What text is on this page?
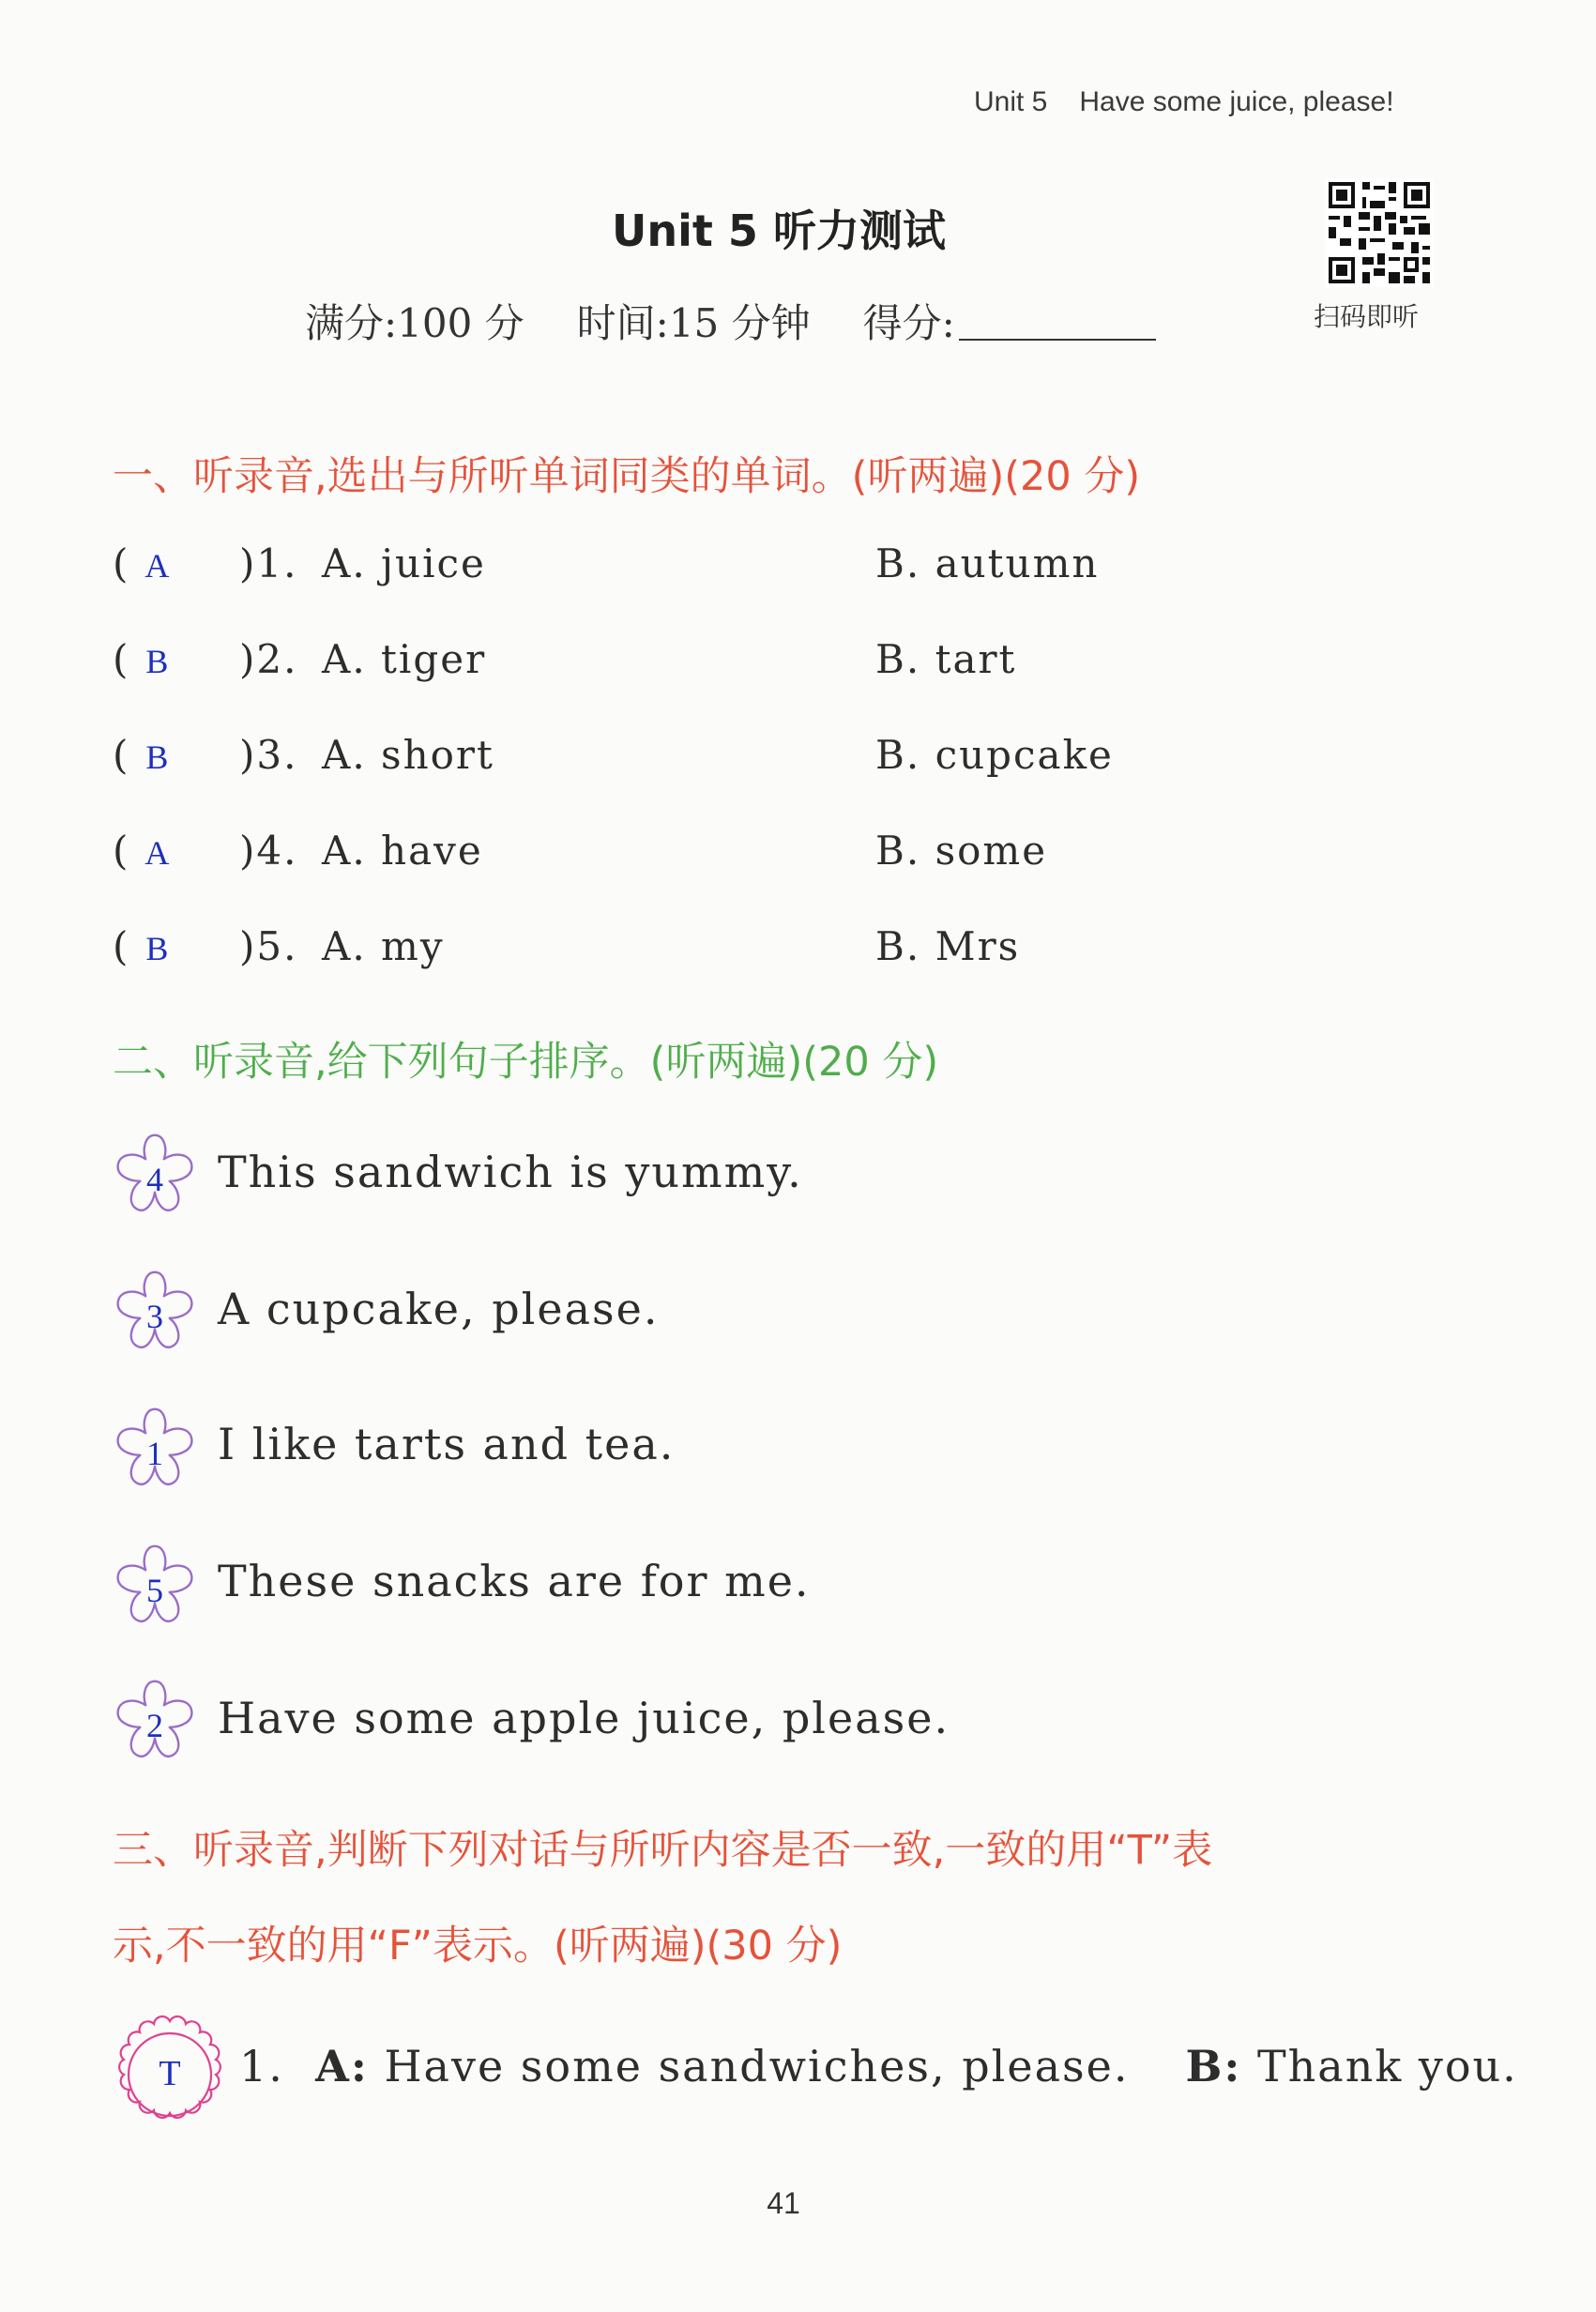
Unit 5 Have some juice, please!
Unit 5 听力测试
满分:100 分 时间:15 分钟 得分:	扫码即听
一、听录音,选出与所听单词同类的单词。(听两遍)(20 分)
( A )1. A. juice	B. autumn
( B )2. A. tiger	B. tart
( B )3. A. short	B. cupcake
( A )4. A. have	B. some
( B )5. A. my	B. Mrs
二、听录音,给下列句子排序。(听两遍)(20 分)
4	This sandwich is yummy.
3	A cupcake, please.
1	I like tarts and tea.
5	These snacks are for me.
2	Have some apple juice, please.
三、听录音,判断下列对话与所听内容是否一致,一致的用“T”表
示,不一致的用“F”表示。(听两遍)(30 分)
T	1. A: Have some sandwiches, please. B: Thank you.
41
